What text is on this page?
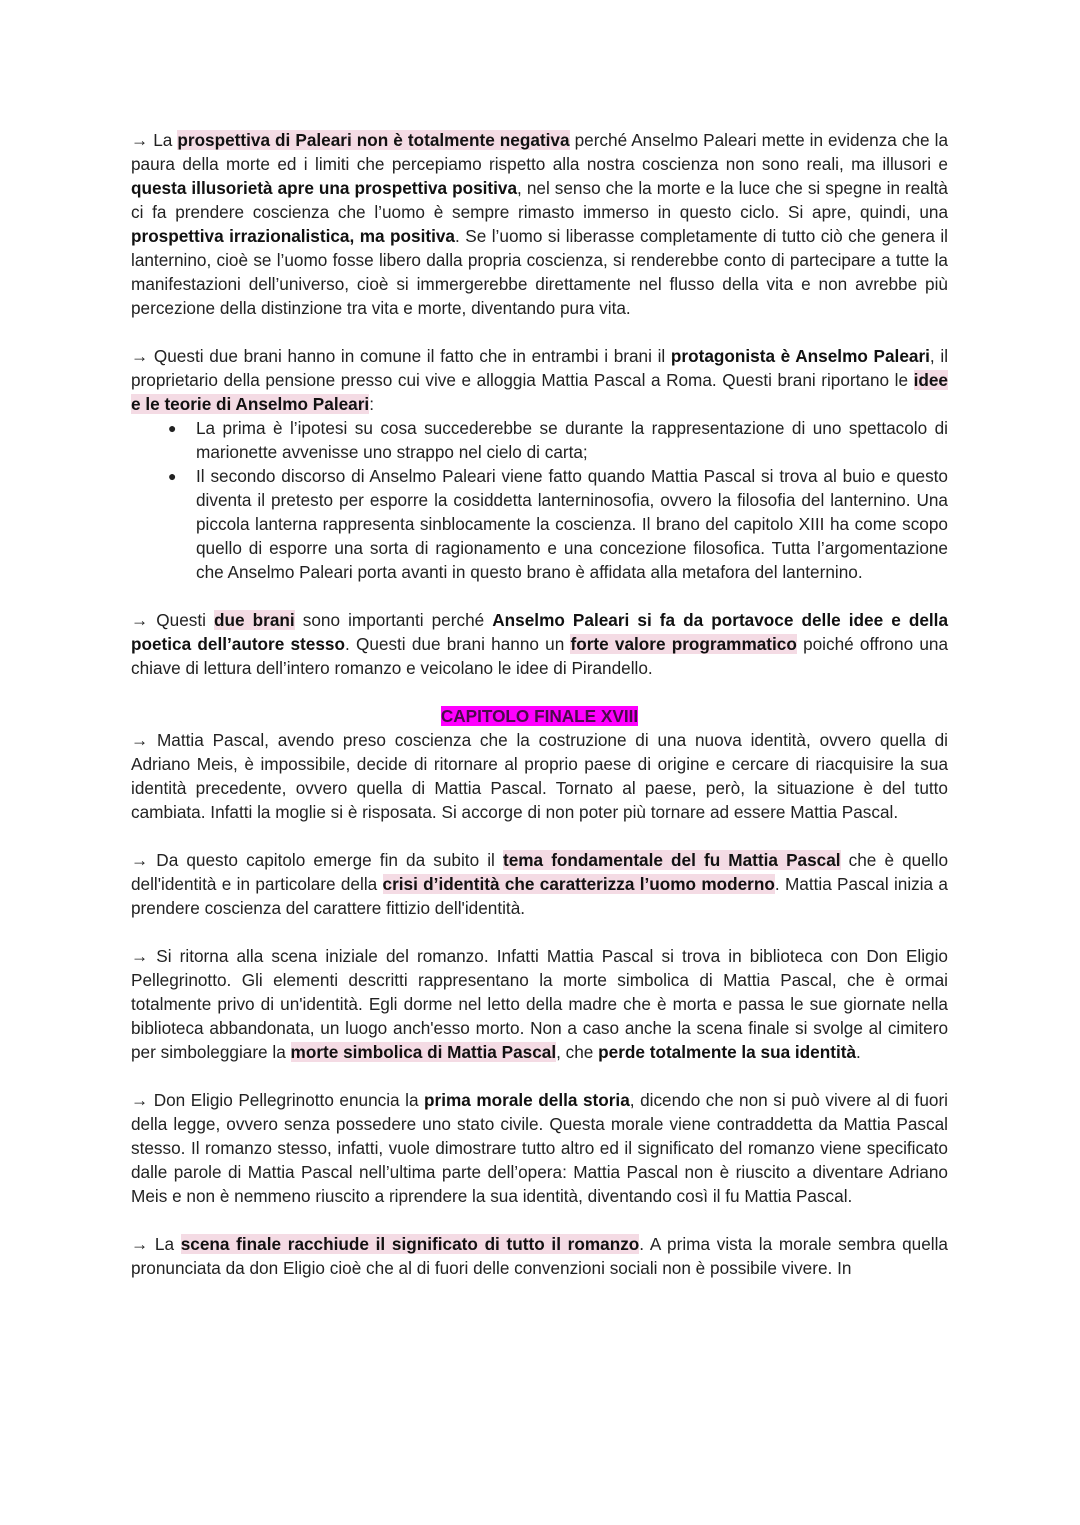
→ La prospettiva di Paleari non è totalmente negativa perché Anselmo Paleari mette in evidenza che la paura della morte ed i limiti che percepiamo rispetto alla nostra coscienza non sono reali, ma illusori e questa illusorietà apre una prospettiva positiva, nel senso che la morte e la luce che si spegne in realtà ci fa prendere coscienza che l’uomo è sempre rimasto immerso in questo ciclo. Si apre, quindi, una prospettiva irrazionalistica, ma positiva. Se l’uomo si liberasse completamente di tutto ciò che genera il lanternino, cioè se l’uomo fosse libero dalla propria coscienza, si renderebbe conto di partecipare a tutte la manifestazioni dell’universo, cioè si immergerebbe direttamente nel flusso della vita e non avrebbe più percezione della distinzione tra vita e morte, diventando pura vita.

→ Questi due brani hanno in comune il fatto che in entrambi i brani il protagonista è Anselmo Paleari, il proprietario della pensione presso cui vive e alloggia Mattia Pascal a Roma. Questi brani riportano le idee e le teorie di Anselmo Paleari:

● La prima è l’ipotesi su cosa succederebbe se durante la rappresentazione di uno spettacolo di marionette avvenisse uno strappo nel cielo di carta;
● Il secondo discorso di Anselmo Paleari viene fatto quando Mattia Pascal si trova al buio e questo diventa il pretesto per esporre la cosiddetta lanterninosofia, ovvero la filosofia del lanternino. Una piccola lanterna rappresenta sinblocamente la coscienza. Il brano del capitolo XIII ha come scopo quello di esporre una sorta di ragionamento e una concezione filosofica. Tutta l’argomentazione che Anselmo Paleari porta avanti in questo brano è affidata alla metafora del lanternino.

→ Questi due brani sono importanti perché Anselmo Paleari si fa da portavoce delle idee e della poetica dell’autore stesso. Questi due brani hanno un forte valore programmatico poiché offrono una chiave di lettura dell’intero romanzo e veicolano le idee di Pirandello.

CAPITOLO FINALE XVIII

→ Mattia Pascal, avendo preso coscienza che la costruzione di una nuova identità, ovvero quella di Adriano Meis, è impossibile, decide di ritornare al proprio paese di origine e cercare di riacquisire la sua identità precedente, ovvero quella di Mattia Pascal. Tornato al paese, però, la situazione è del tutto cambiata. Infatti la moglie si è risposata. Si accorge di non poter più tornare ad essere Mattia Pascal.

→ Da questo capitolo emerge fin da subito il tema fondamentale del fu Mattia Pascal che è quello dell'identità e in particolare della crisi d’identità che caratterizza l’uomo moderno. Mattia Pascal inizia a prendere coscienza del carattere fittizio dell'identità.

→ Si ritorna alla scena iniziale del romanzo. Infatti Mattia Pascal si trova in biblioteca con Don Eligio Pellegrinotto. Gli elementi descritti rappresentano la morte simbolica di Mattia Pascal, che è ormai totalmente privo di un'identità. Egli dorme nel letto della madre che è morta e passa le sue giornate nella biblioteca abbandonata, un luogo anch'esso morto. Non a caso anche la scena finale si svolge al cimitero per simboleggiare la morte simbolica di Mattia Pascal, che perde totalmente la sua identità.

→ Don Eligio Pellegrinotto enuncia la prima morale della storia, dicendo che non si può vivere al di fuori della legge, ovvero senza possedere uno stato civile. Questa morale viene contraddetta da Mattia Pascal stesso. Il romanzo stesso, infatti, vuole dimostrare tutto altro ed il significato del romanzo viene specificato dalle parole di Mattia Pascal nell’ultima parte dell’opera: Mattia Pascal non è riuscito a diventare Adriano Meis e non è nemmeno riuscito a riprendere la sua identità, diventando così il fu Mattia Pascal.

→ La scena finale racchiude il significato di tutto il romanzo. A prima vista la morale sembra quella pronunciata da don Eligio cioè che al di fuori delle convenzioni sociali non è possibile vivere. In
